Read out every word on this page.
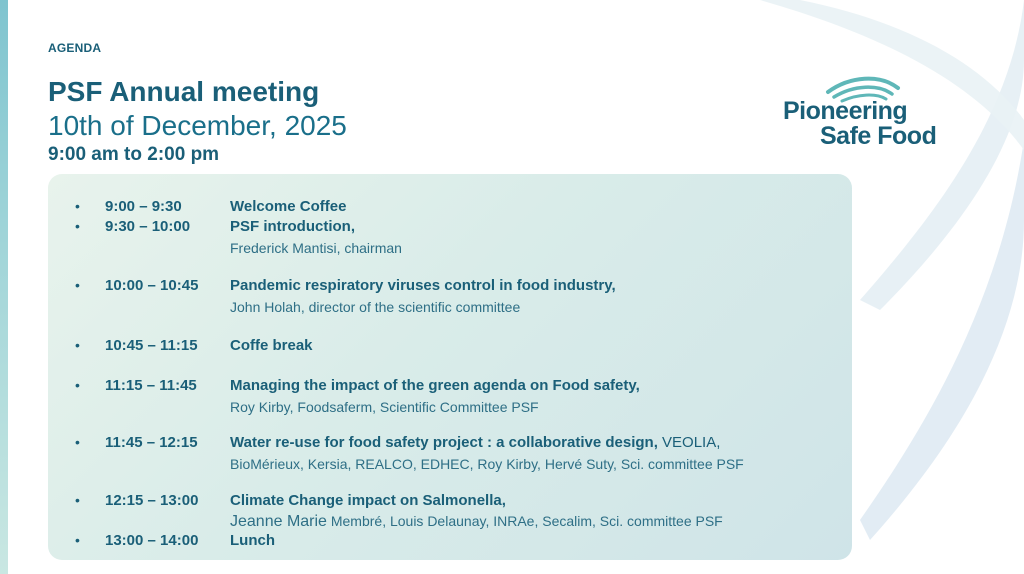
AGENDA
PSF Annual meeting
10th of December, 2025
9:00 am to 2:00 pm
Pioneering
Safe Food
• 9:00 – 9:30	Welcome Coffee
• 9:30 – 10:00	PSF introduction,
Frederick Mantisi, chairman
• 10:00 – 10:45 Pandemic respiratory viruses control in food industry,
John Holah, director of the scientific committee
• 10:45 – 11:15 Coffe break
• 11:15 – 11:45 Managing the impact of the green agenda on Food safety,
Roy Kirby, Foodsaferm, Scientific Committee PSF
• 11:45 – 12:15 Water re-use for food safety project : a collaborative design, VEOLIA,
BioMérieux, Kersia, REALCO, EDHEC, Roy Kirby, Hervé Suty, Sci. committee PSF
• 12:15 – 13:00 Climate Change impact on Salmonella,
Jeanne Marie Membré, Louis Delaunay, INRAe, Secalim, Sci. committee PSF
• 13:00 – 14:00 Lunch
